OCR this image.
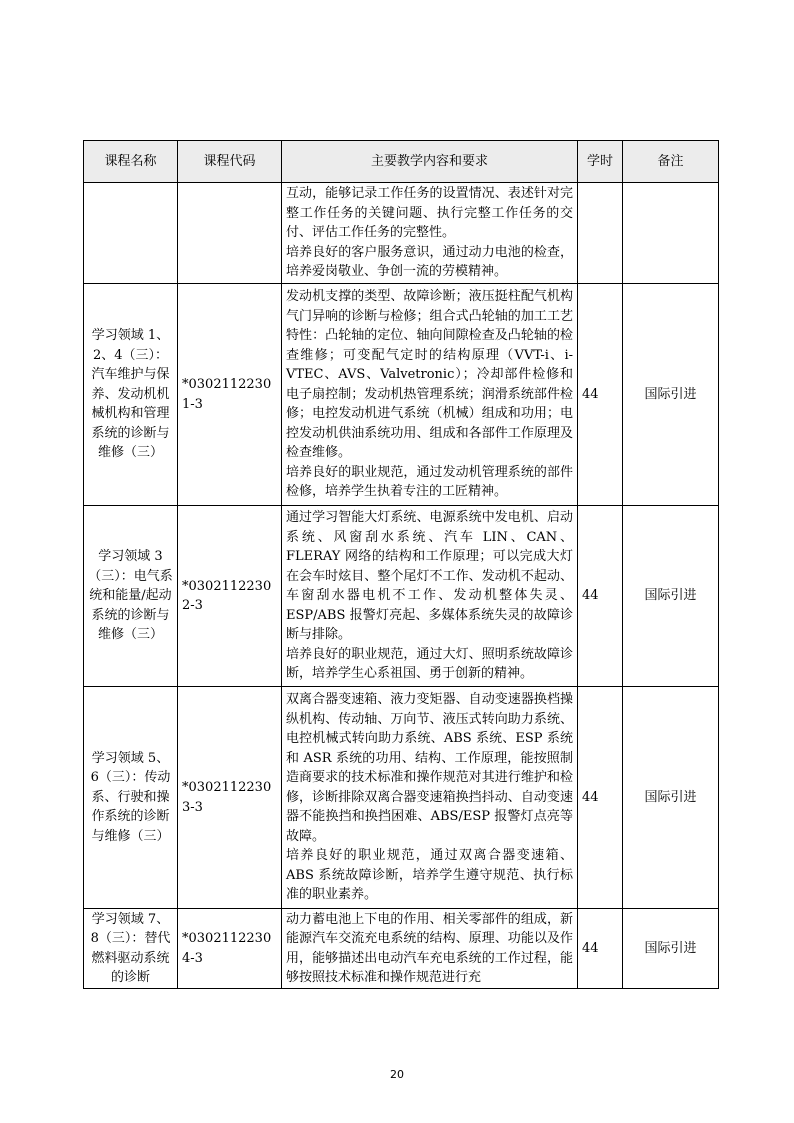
课程名称	课程代码	主要教学内容和要求	学时	备注

		互动，能够记录工作任务的设置情况、表述针对完整工作任务的关键问题、执行完整工作任务的交付、评估工作任务的完整性。

培养良好的客户服务意识，通过动力电池的检查，培养爱岗敬业、争创一流的劳模精神。		

学习领域 1、2、4（三）：汽车维护与保养、发动机机械机构和管理系统的诊断与维修（三）	*03021122301-3	发动机支撑的类型、故障诊断；液压挺柱配气机构气门异响的诊断与检修；组合式凸轮轴的加工工艺特性：凸轮轴的定位、轴向间隙检查及凸轮轴的检查维修；可变配气定时的结构原理（VVT-i、i-VTEC、AVS、Valvetronic）；冷却部件检修和电子扇控制；发动机热管理系统；润滑系统部件检修；电控发动机进气系统（机械）组成和功用；电控发动机供油系统功用、组成和各部件工作原理及检查维修。

培养良好的职业规范，通过发动机管理系统的部件检修，培养学生执着专注的工匠精神。	44	国际引进
学习领域 3（三）：电气系统和能量/起动系统的诊断与维修（三）	*03021122302-3	通过学习智能大灯系统、电源系统中发电机、启动系统、风窗刮水系统、汽车 LIN、CAN、FLERAY 网络的结构和工作原理；可以完成大灯在会车时炫目、整个尾灯不工作、发动机不起动、车窗刮水器电机不工作、发动机整体失灵、ESP/ABS 报警灯亮起、多媒体系统失灵的故障诊断与排除。

培养良好的职业规范，通过大灯、照明系统故障诊断，培养学生心系祖国、勇于创新的精神。	44	国际引进
学习领域 5、6（三）：传动系、行驶和操作系统的诊断与维修（三）	*03021122303-3	双离合器变速箱、液力变矩器、自动变速器换档操纵机构、传动轴、万向节、液压式转向助力系统、电控机械式转向助力系统、ABS 系统、ESP 系统和 ASR 系统的功用、结构、工作原理，能按照制造商要求的技术标准和操作规范对其进行维护和检修，诊断排除双离合器变速箱换挡抖动、自动变速器不能换挡和换挡困难、ABS/ESP 报警灯点亮等故障。

培养良好的职业规范，通过双离合器变速箱、ABS 系统故障诊断，培养学生遵守规范、执行标准的职业素养。	44	国际引进
学习领域 7、8（三）：替代燃料驱动系统的诊断	*03021122304-3	动力蓄电池上下电的作用、相关零部件的组成，新能源汽车交流充电系统的结构、原理、功能以及作用，能够描述出电动汽车充电系统的工作过程，能够按照技术标准和操作规范进行充	44	国际引进
20
